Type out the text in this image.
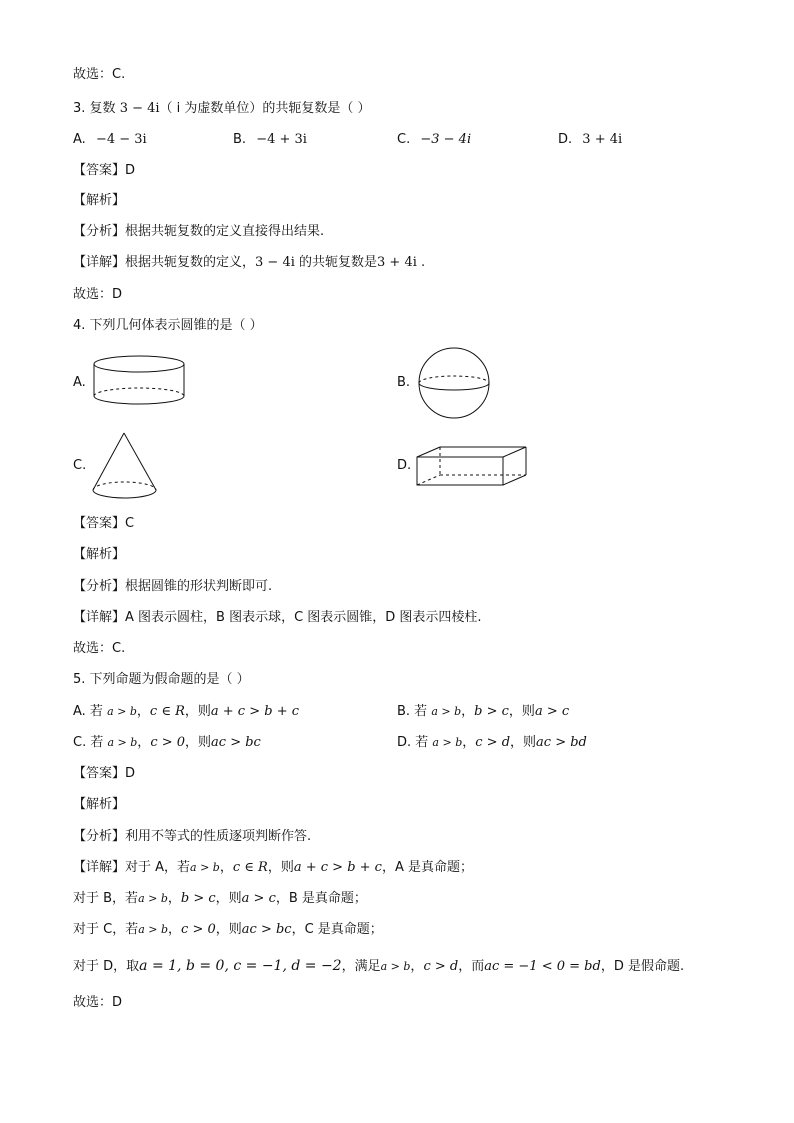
故选：C.
3. 复数 3 − 4i（ i 为虚数单位）的共轭复数是（ ）
A. −4 − 3i	B. −4 + 3i	C. −3 − 4i	D. 3 + 4i
【答案】D
【解析】
【分析】根据共轭复数的定义直接得出结果.
【详解】根据共轭复数的定义，3 − 4i 的共轭复数是3 + 4i .
故选：D
4. 下列几何体表示圆锥的是（ ）
A.	B.
C.	D.
【答案】C
【解析】
【分析】根据圆锥的形状判断即可.
【详解】A 图表示圆柱，B 图表示球，C 图表示圆锥，D 图表示四棱柱.
故选：C.
5. 下列命题为假命题的是（ ）
A. 若 a > b，c ∈ R，则a + c > b + c	B. 若 a > b，b > c，则a > c
C. 若 a > b，c > 0，则ac > bc	D. 若 a > b，c > d，则ac > bd
【答案】D
【解析】
【分析】利用不等式的性质逐项判断作答.
【详解】对于 A，若a > b，c ∈ R，则a + c > b + c，A 是真命题；
对于 B，若a > b，b > c，则a > c，B 是真命题；
对于 C，若a > b，c > 0，则ac > bc，C 是真命题；
对于 D，取a = 1, b = 0, c = −1, d = −2，满足a > b，c > d，而ac = −1 < 0 = bd，D 是假命题.
故选：D
